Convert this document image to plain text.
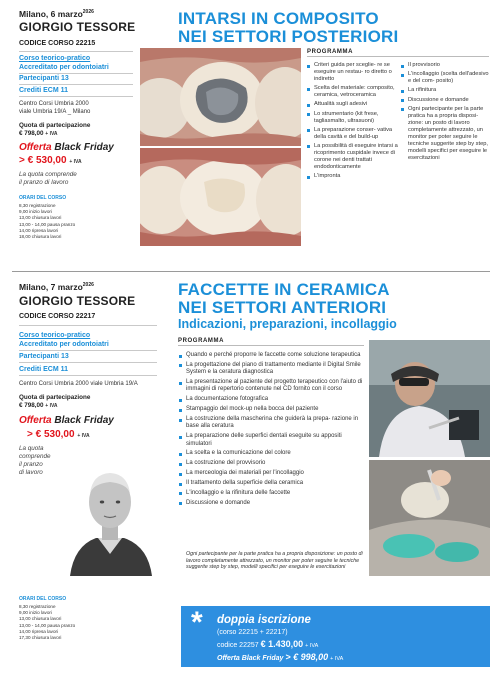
Milano, 6 marzo$^{2026}$
GIORGIO TESSORE
CODICE CORSO 22215
Corso teorico-pratico
Accreditato per odontoiatri
Partecipanti 13
Crediti ECM 11
Centro Corsi Umbria 2000
viale Umbria 19/A _ Milano
Quota di partecipazione
€ 798,00 + IVA
Offerta Black Friday
> € 530,00 + IVA
La quota comprende
il pranzo di lavoro
ORARI DEL CORSO
8,30 registrazione
9,00 inizio lavori
13,00 chiusura lavori
13,00 - 14,00 pausa pranzo
14,00 ripresa lavori
18,00 chiusura lavori
INTARSI IN COMPOSITO
NEI SETTORI POSTERIORI
PROGRAMMA
Criteri guida per sceglie- re se eseguire un restau- ro diretto o indiretto
Scelta del materiale: composito, ceramica, vetroceramica
Attualità sugli adesivi
Lo strumentario (kit frese, tagliasmalto, ultrasuoni)
La preparazione conser- vativa della cavità e del build-up
La possibilità di eseguire intarsi a ricoprimento cuspidale invece di corone nei denti trattati endodonticamente
L'impronta
Il provvisorio
L'incollaggio (scelta dell'adesivo e del com- posito)
La rifinitura
Discussione e domande
Ogni partecipante per la parte pratica ha a propria disposi- zione: un posto di lavoro completamente attrezzato, un monitor per poter seguire le tecniche suggerite step by step, modelli specifici per eseguire le esercitazioni
Milano, 7 marzo$^{2026}$
GIORGIO TESSORE
CODICE CORSO 22217
Corso teorico-pratico
Accreditato per odontoiatri
Partecipanti 13
Crediti ECM 11
Centro Corsi Umbria 2000 viale Umbria 19/A
Quota di partecipazione
€ 798,00 + IVA
Offerta Black Friday
> € 530,00 + IVA
La quota
comprende
il pranzo
di lavoro
ORARI DEL CORSO
8,30 registrazione
9,00 inizio lavori
13,00 chiusura lavori
13,00 - 14,00 pausa pranzo
14,00 ripresa lavori
17,30 chiusura lavori
FACCETTE IN CERAMICA
NEI SETTORI ANTERIORI
Indicazioni, preparazioni, incollaggio
PROGRAMMA
Quando e perché proporre le faccette come soluzione terapeutica
La progettazione del piano di trattamento mediante il Digital Smile System e la ceratura diagnostica
La presentazione al paziente del progetto terapeutico con l'aiuto di immagini di repertorio contenute nel CD fornito con il corso
La documentazione fotografica
Stampaggio del mock-up nella bocca del paziente
La costruzione della mascherina che guiderà la prepa- razione in base alla ceratura
La preparazione delle superfici dentali eseguite su appositi simulatori
La scelta e la comunicazione del colore
La costruzione del provvisorio
La merceologia dei materiali per l'incollaggio
Il trattamento della superficie della ceramica
L'incollaggio e la rifinitura delle faccette
Discussione e domande
Ogni partecipante per la parte pratica ha a propria disposizione: un posto di lavoro completamente attrezzato, un monitor per poter seguire le tecniche suggerite step by step, modelli specifici per eseguire le esercitazioni
* doppia iscrizione
(corso 22215 + 22217)
codice 22257 € 1.430,00 + IVA
Offerta Black Friday > € 998,00 + IVA
